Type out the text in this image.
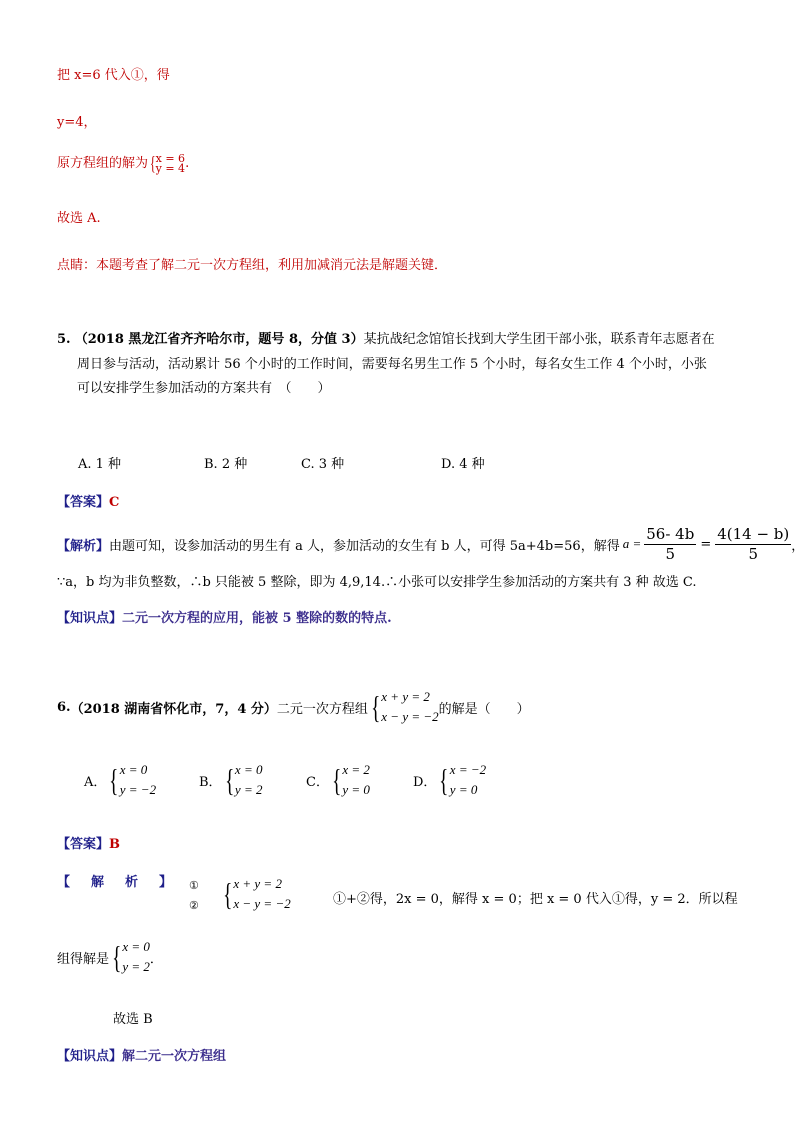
把 x=6 代入①，得
y=4，
原方程组的解为 { x = 6
y = 4 .
故选 A.
点睛：本题考查了解二元一次方程组，利用加减消元法是解题关键．
5. （2018 黑龙江省齐齐哈尔市，题号 8，分值 3）某抗战纪念馆馆长找到大学生团干部小张，联系青年志愿者在
周日参与活动，活动累计 56 个小时的工作时间，需要每名男生工作 5 个小时，每名女生工作 4 个小时，小张
可以安排学生参加活动的方案共有　（　　）
A. 1 种	B. 2 种	C. 3 种	D. 4 种
【答案】C
【解析】 由题可知，设参加活动的男生有 a 人，参加活动的女生有 b 人，可得 5a+4b=56，解得 $a = \frac{56- 4b}{5} = \frac{4(14 - b)}{5}$ ，
∵a，b 均为非负整数，∴b 只能被 5 整除，即为 4,9,14.∴小张可以安排学生参加活动的方案共有 3 种 故选 C.
【知识点】二元一次方程的应用，能被 5 整除的数的特点.
6. （2018 湖南省怀化市，7，4 分） 二元一次方程组 { x + y = 2
x − y = −2 的解是（　　）
A． { x = 0
y = −2	B． { x = 0
y = 2	C． { x = 2
y = 0	D． { x = −2
y = 0
【答案】B
【　解　析　】 ①
② { x + y = 2
x − y = −2	①+②得，2x = 0，解得 x = 0；把 x = 0 代入①得，y = 2．所以程
组得解是 { x = 0
y = 2 ．
故选 B
【知识点】解二元一次方程组
